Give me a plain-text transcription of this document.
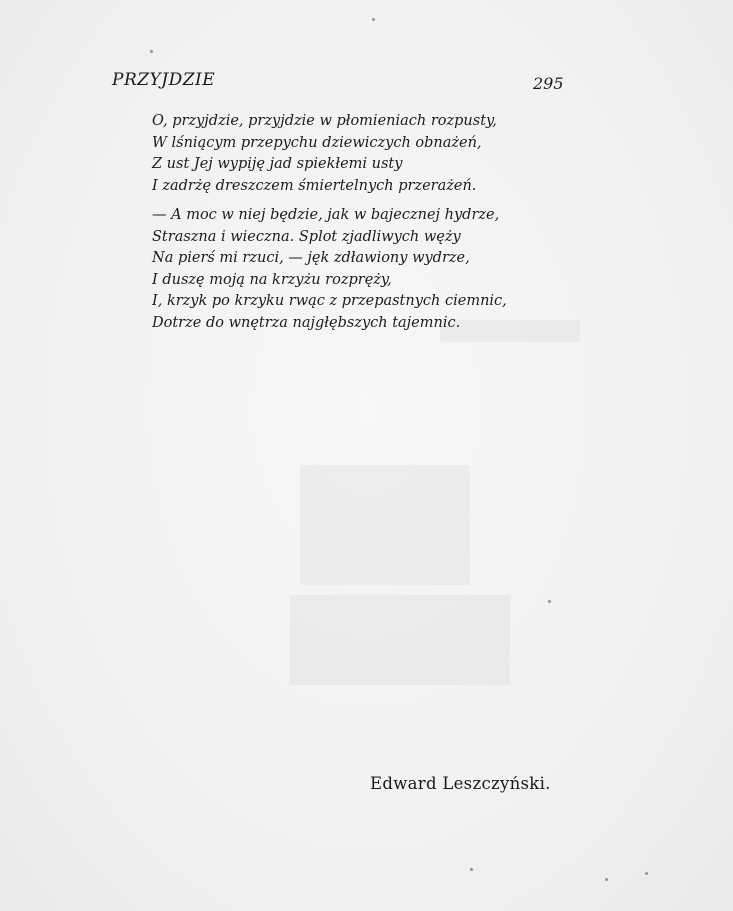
PRZYJDZIE	295
O, przyjdzie, przyjdzie w płomieniach rozpusty,
W lśniącym przepychu dziewiczych obnażeń,
Z ust Jej wypiję jad spiekłemi usty
I zadrżę dreszczem śmiertelnych przerażeń.
— A moc w niej będzie, jak w bajecznej hydrze,
Straszna i wieczna. Splot zjadliwych węży
Na pierś mi rzuci, — jęk zdławiony wydrze,
I duszę moją na krzyżu rozpręży,
I, krzyk po krzyku rwąc z przepastnych ciemnic,
Dotrze do wnętrza najgłębszych tajemnic.
Edward Leszczyński.
